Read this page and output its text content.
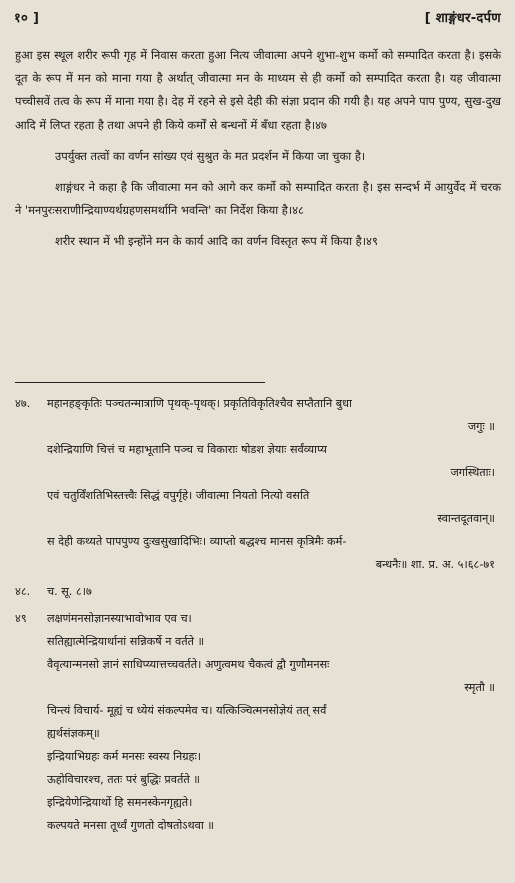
१० ]	[ शाङ्गंधर-दर्पण

हुआ इस स्थूल शरीर रूपी गृह में निवास करता हुआ नित्य जीवात्मा अपने शुभा-शुभ कर्मो को सम्पादित करता है। इसके दूत के रूप में मन को माना गया है अर्थात् जीवात्मा मन के माध्यम से ही कर्मो को सम्पादित करता है। यह जीवात्मा पच्चीसवें तत्व के रूप में माना गया है। देह में रहने से इसे देही की संज्ञा प्रदान की गयी है। यह अपने पाप पुण्य, सुख-दुख आदि में लिप्त रहता है तथा अपने ही किये कर्मों से बन्धनों में बँधा रहता है।४७

उपर्युक्त तत्वों का वर्णन सांख्य एवं सुश्रुत के मत प्रदर्शन में किया जा चुका है।

शाङ्गंधर ने कहा है कि जीवात्मा मन को आगे कर कर्मो को सम्पादित करता है। इस सन्दर्भ में आयुर्वेद में चरक ने 'मनपुरःसराणीन्द्रियाण्यर्थग्रहणसमर्थानि भवन्ति' का निर्देश किया है।४८

शरीर स्थान में भी इन्होंने मन के कार्य आदि का वर्णन विस्तृत रूप में किया है।४९

४७.	महानहङ्कृतिः पञ्चतन्मात्राणि पृथक्-पृथक्। प्रकृतिविकृतिश्चैव सप्तैतानि बुधा
जगुः ॥
दशेन्द्रियाणि चित्तं च महाभूतानि पञ्च च विकाराः षोडश ज्ञेयाः सर्वंव्याप्य
जगस्थिताः।
एवं चतुर्विंशतिभिस्तत्त्वैः सिद्धं वपुर्गृहे। जीवात्मा नियतो नित्यो वसति
स्वान्तदूतवान्॥
स देही कथ्यते पापपुण्य दुःखसुखादिभिः। व्याप्तो बद्धश्च मानस कृत्रिमैः कर्म-
बन्धनैः॥ शा. प्र. अ. ५।६८-७१
४८.	च. सू. ८।७
४९	लक्षणंमनसोज्ञानस्याभावोभाव एव च।
सतिह्यात्मेन्द्रियार्थानां सन्निकर्षे न वर्तते ॥
वैवृत्यान्मनसो ज्ञानं साधिप्य्यात्तच्चवर्तते। अणुत्वमथ चैकत्वं द्वौ गुणौमनसः
स्मृतौ ॥
चिन्त्यं विचार्य- मूह्यं च ध्येयं संकल्पमेव च। यत्किञ्चित्मनसोज्ञेयं तत् सर्वं
ह्यर्थसंज्ञकम्॥
इन्द्रियाभिग्रहः कर्म मनसः स्वस्य निग्रहः।
ऊहोविचारश्च, ततः परं बुद्धिः प्रवर्तते ॥
इन्द्रियेणेन्द्रियार्थो हि समनस्केनगृह्यते।
कल्पयते मनसा तूर्ध्वं गुणतो दोषतोऽथवा ॥
